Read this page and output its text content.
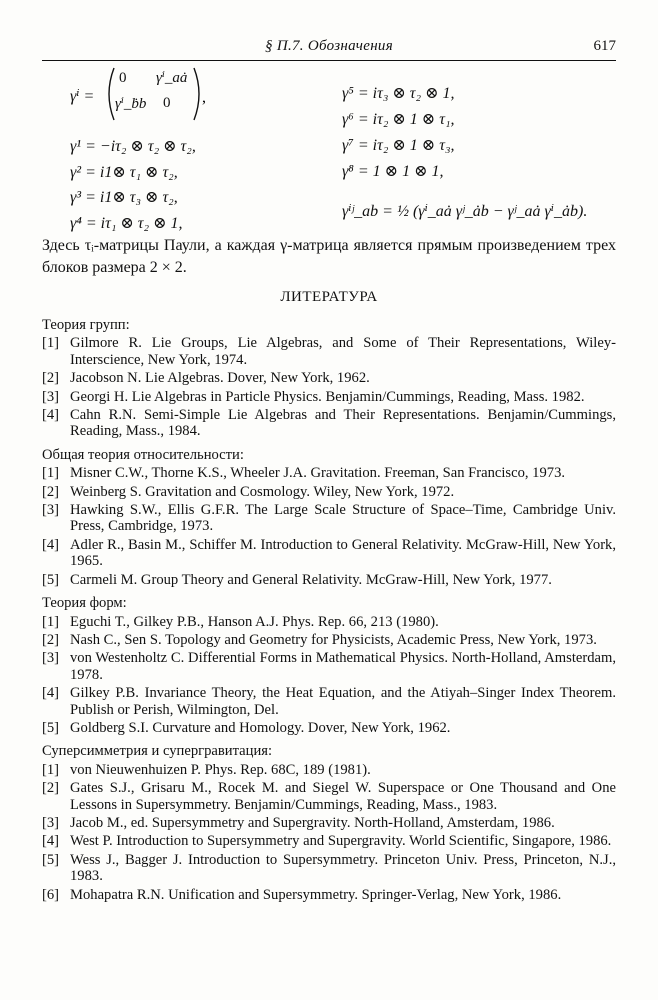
§ П.7. Обозначения	617
γⁱ =	,
0 γⁱ_aȧ
γⁱ_ḃb 0
γ¹ = −iτ₂ ⊗ τ₂ ⊗ τ₂,
γ² = i1⊗ τ₁ ⊗ τ₂,
γ³ = i1⊗ τ₃ ⊗ τ₂,
γ⁴ = iτ₁ ⊗ τ₂ ⊗ 1,
γ⁵ = iτ₃ ⊗ τ₂ ⊗ 1,
γ⁶ = iτ₂ ⊗ 1 ⊗ τ₁,
γ⁷ = iτ₂ ⊗ 1 ⊗ τ₃,
γ⁸ = 1 ⊗ 1 ⊗ 1,
γⁱʲ_ab = ½ (γⁱ_aȧ γʲ_ȧb − γʲ_aȧ γⁱ_ȧb).
Здесь τᵢ-матрицы Паули, а каждая γ-матрица является прямым произведением трех блоков размера 2 × 2.
ЛИТЕРАТУРА
Теория групп:
[1] Gilmore R. Lie Groups, Lie Algebras, and Some of Their Representations, Wiley-Interscience, New York, 1974.
[2] Jacobson N. Lie Algebras. Dover, New York, 1962.
[3] Georgi H. Lie Algebras in Particle Physics. Benjamin/Cummings, Reading, Mass. 1982.
[4] Cahn R.N. Semi-Simple Lie Algebras and Their Representations. Benjamin/Cummings, Reading, Mass., 1984.
Общая теория относительности:
[1] Misner C.W., Thorne K.S., Wheeler J.A. Gravitation. Freeman, San Francisco, 1973.
[2] Weinberg S. Gravitation and Cosmology. Wiley, New York, 1972.
[3] Hawking S.W., Ellis G.F.R. The Large Scale Structure of Space–Time, Cambridge Univ. Press, Cambridge, 1973.
[4] Adler R., Basin M., Schiffer M. Introduction to General Relativity. McGraw-Hill, New York, 1965.
[5] Carmeli M. Group Theory and General Relativity. McGraw-Hill, New York, 1977.
Теория форм:
[1] Eguchi T., Gilkey P.B., Hanson A.J. Phys. Rep. 66, 213 (1980).
[2] Nash C., Sen S. Topology and Geometry for Physicists, Academic Press, New York, 1973.
[3] von Westenholtz C. Differential Forms in Mathematical Physics. North-Holland, Amsterdam, 1978.
[4] Gilkey P.B. Invariance Theory, the Heat Equation, and the Atiyah–Singer Index Theorem. Publish or Perish, Wilmington, Del.
[5] Goldberg S.I. Curvature and Homology. Dover, New York, 1962.
Суперсимметрия и супергравитация:
[1] von Nieuwenhuizen P. Phys. Rep. 68C, 189 (1981).
[2] Gates S.J., Grisaru M., Rocek M. and Siegel W. Superspace or One Thousand and One Lessons in Supersymmetry. Benjamin/Cummings, Reading, Mass., 1983.
[3] Jacob M., ed. Supersymmetry and Supergravity. North-Holland, Amsterdam, 1986.
[4] West P. Introduction to Supersymmetry and Supergravity. World Scientific, Singapore, 1986.
[5] Wess J., Bagger J. Introduction to Supersymmetry. Princeton Univ. Press, Princeton, N.J., 1983.
[6] Mohapatra R.N. Unification and Supersymmetry. Springer-Verlag, New York, 1986.
